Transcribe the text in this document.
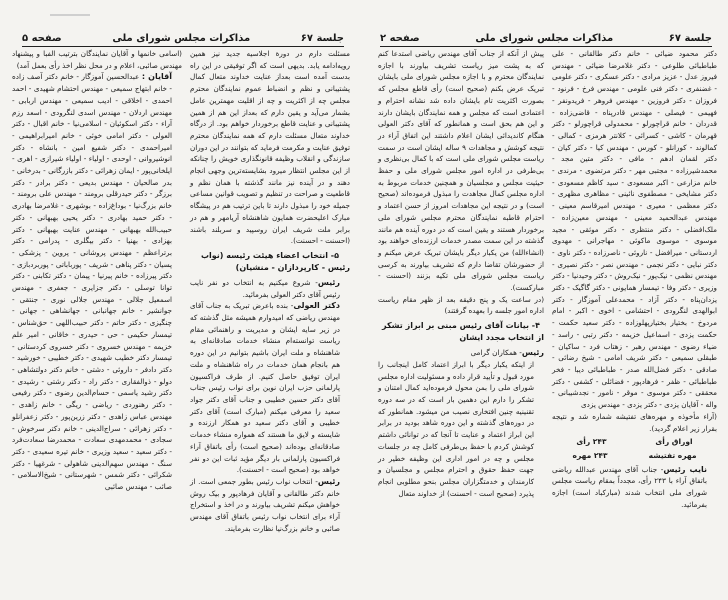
جلسة ۶۷
مذاکرات مجلس شورای ملی
صفحه ۵

مسئلت دارم در دورة اجلاسیه جدید نیز همین رویه‌ادامه یابد. بدیهی است که اگر توفیقی در این راه بدست آمده است بعداز عنایت خداوند متعال کمال پشتیبانی و نظم و انضباط عموم نمایندگان محترم مجلس چه از اکثریت و چه از اقلیت مهمترین عامل بشمار می‌آید و یقین دارم که بعداز این هم از همین پشتیبانی و عنایت قاطع برخوردار خواهم بود. از درگاه خداوند متعال مسئلت دارم که همه نمایندگان محترم توفیق عنایت و مکرمت فرماید که بتوانند در این دوران سازندگی و انقلاب وظیفه قانونگذاری خویش را چنانکه از این مجلس انتظار میرود بشایسته‌ترین وجهی انجام دهند و در آینده نیز مانند گذشته با همان نظم و قاطعیت و صراحت در تنظیم و تصویب قوانین مساعی جمیله خود را مبذول دارند تا باین ترتیب هم در پیشگاه مبارک اعلیحضرت همایون شاهنشاه آریامهر و هم در برابر ملت شریف ایران روسپید و سربلند باشند (احسنت - احسنت).

۵- انتخاب اعضاء هیئت رئیسه (نواب رئیس - کارپردازان - منشیان)

رئیس- شروع میکنیم به انتخاب دو نفر نایب رئیس آقای دکتر العولی بفرمائید.

دکتر العولی- بنده باعرض تبریک به جناب آقای مهندس ریاضی که امیدوارم همیشه مثل گذشته که در زیر سایه ایشان و مدیریت و راهنمائی مقام ریاست توانسته‌ام منشاء خدمات صادقانه‌ای به شاهنشاه و ملت ایران باشیم بتوانیم در این دوره هم بانجام همان خدمات در راه شاهنشاه و ملت ایران توفیق حاصل کنیم. از طرف فراکسیون پارلمانی حزب ایران نوین برای نواب رئیس جناب آقای دکتر حسین خطیبی و جناب آقای دکتر جواد سعید را معرفی میکنم (مبارک است) آقای دکتر خطیبی و آقای دکتر سعید دو همکار ارزنده و شایسته و لایق ما هستند که همواره منشاء خدمات صادقانه‌ای بوده‌اند (صحیح است) رأی باتفاق آراء فراکسیون پارلمانی بار دیگر مؤید ثبات این دو نفر خواهد بود (صحیح است - احسنت).

رئیس- انتخاب نواب رئیس بطور جمعی است. از خانم دکتر طالقانی و آقایان فرهادپور و بیک روش خواهش میکنم تشریف بیاورند و در اخذ و استخراج آراء برای انتخاب نواب رئیس باتفاق آقای مهندس صائبی و خانم بزرگ‌نیا نظارت بفرمایند.

(اسامی خانمها و آقایان نمایندگان بترتیب الفبا و پیشنهاد مهندس صائبی، اعلام و در محل نظر اخذ رأی بعمل آمد)

آقایان : عبدالحسین آموزگار - خانم دکتر آصف زاده - خانم ابتهاج سمیعی - مهندس احتشام شهیدی - احمد احمدی - اخلاقی - ادیب سمیعی - مهندس اربابی - مهندس اردلان - مهندس اسدی لنگرودی - اسعد رزم آراء - دکتر اسکوئیان - اسلامی‌نیا - خانم اقبال - دکتر العولی - دکتر امامی خوئی - خانم امیرابراهیمی - امیراحمدی - دکتر شفیع امین - بانشاه - دکتر انوشیروانی - اوحدی - اولیاء - اولیاء شیرازی - اهری - ایلخانی‌پور - ایمان زهرائی - دکتر بازرگانی - بدرخانی - بدر صالحیان - مهندس بدیعی - دکتر برادر - دکتر برزگر - دکتر حیدرقلی برومند - مهندس علی برومند - خانم بزرگ‌نیا - بوداغ‌زاده - بوشهری - غلامرضا بهادری - دکتر حمید بهادری - دکتر یحیی بهبهانی - دکتر حبیب‌الله بهبهانی - مهندس عنایت بهبهانی - دکتر بهزادی - بهنیا - دکتر بیگلری - پدرامی - دکتر برتراعظم - مهندس پروشانی - پروین - پزشکی - پسیان - دکتر پناهی - شریف - پورباباتی - پوربردبازی - دکتر پیرزاده - خانم پیرنیا - پیمان - دکتر تکابنی - دکتر توانا توسلی - دکتر جزایری - جعفری - مهندس اسمعیل جلالی - مهندس جلالی نوری - جنتقی - جوانشیر - خانم جهانبانی - جهانشاهی - جهانی - چنگیزی - دکتر حاتم - دکتر حبیب‌اللهی - حق‌شناس - تیمسار حکیمی - حی - حیدری - خاقانی - امیر علم خزیمه - مهندس خسروی - دکتر خسروی کردستانی - تیمسار دکتر خطیب شهیدی - دکتر خطیبی - خورشید - دکتر دادفر - داروئی - دشتی - خانم دکتر دولتشاهی - دولو - ذوالفقاری - دکتر راد - دکتر رشتی - رشیدی - دکتر رشید یاسمی - حسام‌الدین رضوی - دکتر رفیعی - دکتر رهنوردی - ریاضی - ریگی - خانم زاهدی - مهندس عباس زاهدی - دکتر زرین‌پور - دکتر زعفرانلو - دکتر زهرائی - سراج‌الدینی - خانم دکتر سرخوش - سجادی - محمدمهدی سعادت - محمدرضا سعادت‌فرد - دکتر سعید - سعید وزیری - خانم تیره سعیدی - دکتر سنگ - مهندس سهم‌الدینی شاهولی - شرغهیا - دکتر شکرائی - دکتر شمس - شهرستانی - شیخ‌الاسلامی - صائب - مهندس صائبی

جلسة ۶۷
مذاکرات مجلس شورای ملی
صفحه ۲

دکتر محمود ضیائی - خانم دکتر طالقانی - علی طباطبائی طلوعی - دکتر غلامرضا ضیائی - مهندس فیروز عدل - عزیز مرادی - دکتر عسکری - دکتر علومی - غضنفری - دکتر فنی علومی - مهندس فرخ - فرنود - فروزان - دکتر فروزین - مهندس فروهر - فریدونفر - فهیمی - فیصلی - مهندس قادرپناه - قاضی‌زاده - قدردان - خانم قراچورلو - محمدولی قراچورلو - دکتر قهرمان - کاشی - کسرائی - کلانتر هرمزی - کمالی - کمالوند - کورانلو - کورس - مهندس کیا - دکتر کیان - دکتر لقمان ادهم - مافی - دکتر متین مجد - محمدشیرزاده - مجتبی مهر - دکتر مرتضوی - مرندی - خانم مزارعی - اکبر مسعودی - سید کاظم مسعودی - دکتر مشایخی - مصطفوی نائینی - مظاهری مظهری - دکتر معظمی - معیری - مهندس امیرقاسم معینی - مهندس عبدالحمید معینی - مهندس معین‌زاده - ملک‌افضلی - دکتر منتظری - دکتر موثقی - مجید موسوی - موسوی ماکوئی - مهاجرانی - مهدوی اردستانی - میرافضل - ناروئی - ناصرزاده - دکتر ناوی - دکتر نبایی - دکتر نجمی - مهندس نصر - دکتر نصیری - مهندس نظمی - نیک‌پور - نیک‌روش - دکتر وحیدنیا - دکتر وزیری - دکتر وفا - تیمسار همایونی - دکتر گاگیک - دکتر یزدان‌پناه - دکتر آزاد - محمدعلی آموزگار - دکتر ابوالهدی لنگرودی - احتشامی - اخوی - اکبر - امام مردوخ - بختیار بختیارپهلوزاده - دکتر سعید حکمت - حکمت یزدی - اسماعیل خزیمه - دکتر رتبی - راسد - ضیاء رضوی - مهندس رهبر - زهتاب فرد - ساکیان - طبقلی سمیعی - دکتر شریف امامی - شیخ رضائی - صادقی - دکتر فضل‌الله صدر - طباطبائی دیبا - فخر طباطبائی - ظفر - فرهادپور - فضائلی - کشفی - دکتر محققی - دکتر موسوی - موقر - نامور - نجدشیبانی - واله - آقایان یزدی - دکتر یزدی - مهندس یزدی

(آراء مأخوذه و مهره‌های تفتیشه شماره شد و نتیجه بقرار زیر اعلام گردید).

اوراق رأی
۲۴۳ رأی
مهره تفتیشه
۲۴۳ مهره

نایب رئیس- جناب آقای مهندس عبدالله ریاضی باتفاق آراء با ۲۴۳ رأی، مجدداً بمقام ریاست مجلس شورای ملی انتخاب شدند (مبارکباد است) اجازه بفرمائید.

پیش از آنکه از جناب آقای مهندس ریاضی استدعا کنم که به پشت میز ریاست تشریف بیاورند با اجازه نمایندگان محترم و با اجازه مجلس شورای ملی بایشان تبریک عرض بکنم (صحیح است) رأی قاطع مجلس که بصورت اکثریت تام بایشان داده شد نشانه احترام و اعتمادی است که مجلس و همه نمایندگان بایشان دارند و این هم بحق است و همانطور که آقای دکتر العولی هنگام کاندیدائی ایشان اعلام داشتند این اتفاق آراء در نتیجه کوشش و مجاهدات ۹ ساله ایشان است در سمت ریاست مجلس شورای ملی است که با کمال بی‌نظری و بی‌طرفی در اداره امور مجلس شورای ملی و حفظ حیثیت مجلس و مجلسیان و همچنین خدمات مربوط به اداره مجلس کمال مجاهدت را مبذول فرموده‌اند (صحیح است) و در نتیجه این مجاهدات امروز از حسن اعتماد و احترام قاطبه نمایندگان محترم مجلس شورای ملی برخوردار هستند و یقین است که در دوره آینده هم مانند گذشته در این سمت مصدر خدمات ارزنده‌ای خواهند بود (انشاءالله) من یکبار دیگر بایشان تبریک عرض میکنم و از حضورشان تقاضا دارم که تشریف بیاورند به کرسی ریاست مجلس شورای ملی تکیه بزنند (احسنت - مبارکست).

(در ساعت یک و پنج دقیقه بعد از ظهر مقام ریاست اداره امور جلسه را بعهده گرفتند)

۴- بیانات آقای رئیس مبنی بر ابراز تشکر از انتخاب مجدد ایشان

رئیس- همکاران گرامی

از اینکه یکبار دیگر با ابراز اعتماد کامل اینجانب را مورد قبول و تأیید قرار داده و مسئولیت اداره مجلس شورای ملی را بمن محول فرموده‌اید کمال امتنان و تشکر را دارم این دهمین بار است که در سه دوره تقنینیه چنین افتخاری نصیب من میشود. همانطور که در دوره‌های گذشته و این دوره شاهد بودید در برابر این ابراز اعتماد و عنایت تا آنجا که در توانائی داشتم کوشش کردم با حفظ بی‌طرفی کامل چه در جلسات مجلس و چه در امور اداری این وظیفه خطیر در جهت حفظ حقوق و احترام مجلس و مجلسیان و کارمندان و خدمتگزاران مجلس بنحو مطلوبی انجام پذیرد (صحیح است - احسنت) از خداوند متعال
